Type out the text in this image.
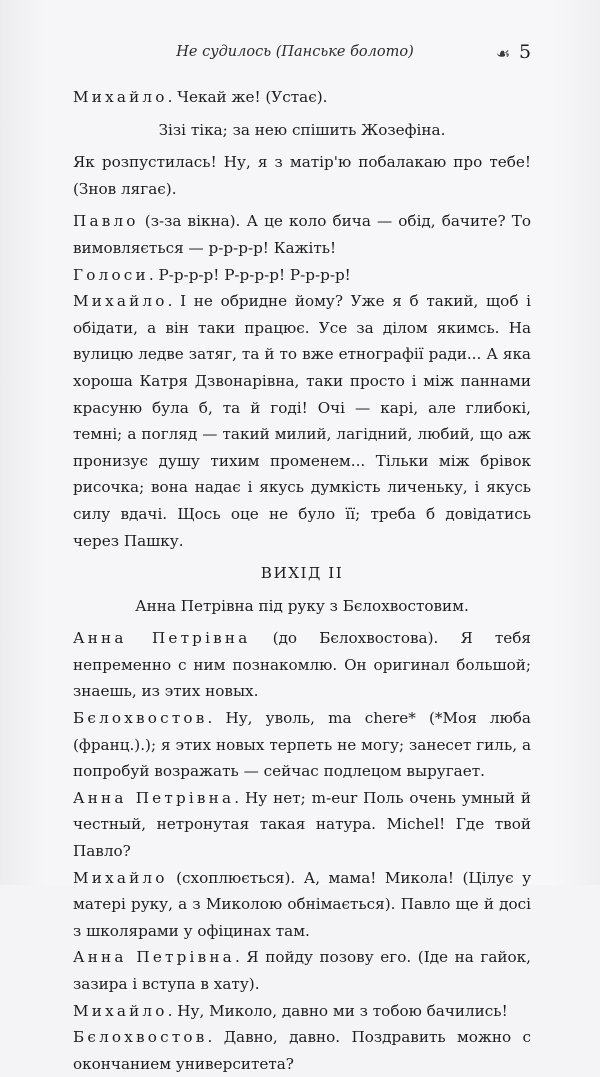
Не судилось (Панське болото)	☙ 5

Михайло. Чекай же! (Устає).

Зізі тіка; за нею спішить Жозефіна.

Як розпустилась! Ну, я з матір'ю побалакаю про тебе! (Знов лягає).

Павло (з-за вікна). А це коло бича — обід, бачите? То вимовляється — р-р-р-р! Кажіть!

Голоси. Р-р-р-р! Р-р-р-р! Р-р-р-р!

Михайло. І не обридне йому? Уже я б такий, щоб і обідати, а він таки працює. Усе за ділом якимсь. На вулицю ледве затяг, та й то вже етнографії ради... А яка хороша Катря Дзвонарівна, таки просто і між паннами красуню була б, та й годі! Очі — карі, але глибокі, темні; а погляд — такий милий, лагідний, любий, що аж пронизує душу тихим променем... Тільки між брівок рисочка; вона надає і якусь думкість личеньку, і якусь силу вдачі. Щось оце не було її; треба б довідатись через Пашку.

ВИХІД II

Анна Петрівна під руку з Бєлохвостовим.

Анна Петрівна (до Бєлохвостова). Я тебя непременно с ним познакомлю. Он оригинал большой; знаешь, из этих новых.

Бєлохвостов. Ну, уволь, ma chere* (*Моя люба (франц.).); я этих новых терпеть не могу; занесет гиль, а попробуй возражать — сейчас подлецом выругает.

Анна Петрівна. Ну нет; m-eur Поль очень умный й честный, нетронутая такая натура. Michel! Где твой Павло?

Михайло (схоплюється). А, мама! Микола! (Цілує у матері руку, а з Миколою обнімається). Павло ще й досі з школярами у офіцинах там.

Анна Петрівна. Я пойду позову его. (Іде на гайок, зазира і вступа в хату).

Михайло. Ну, Миколо, давно ми з тобою бачились!

Бєлохвостов. Давно, давно. Поздравить можно с окончанием университета?
